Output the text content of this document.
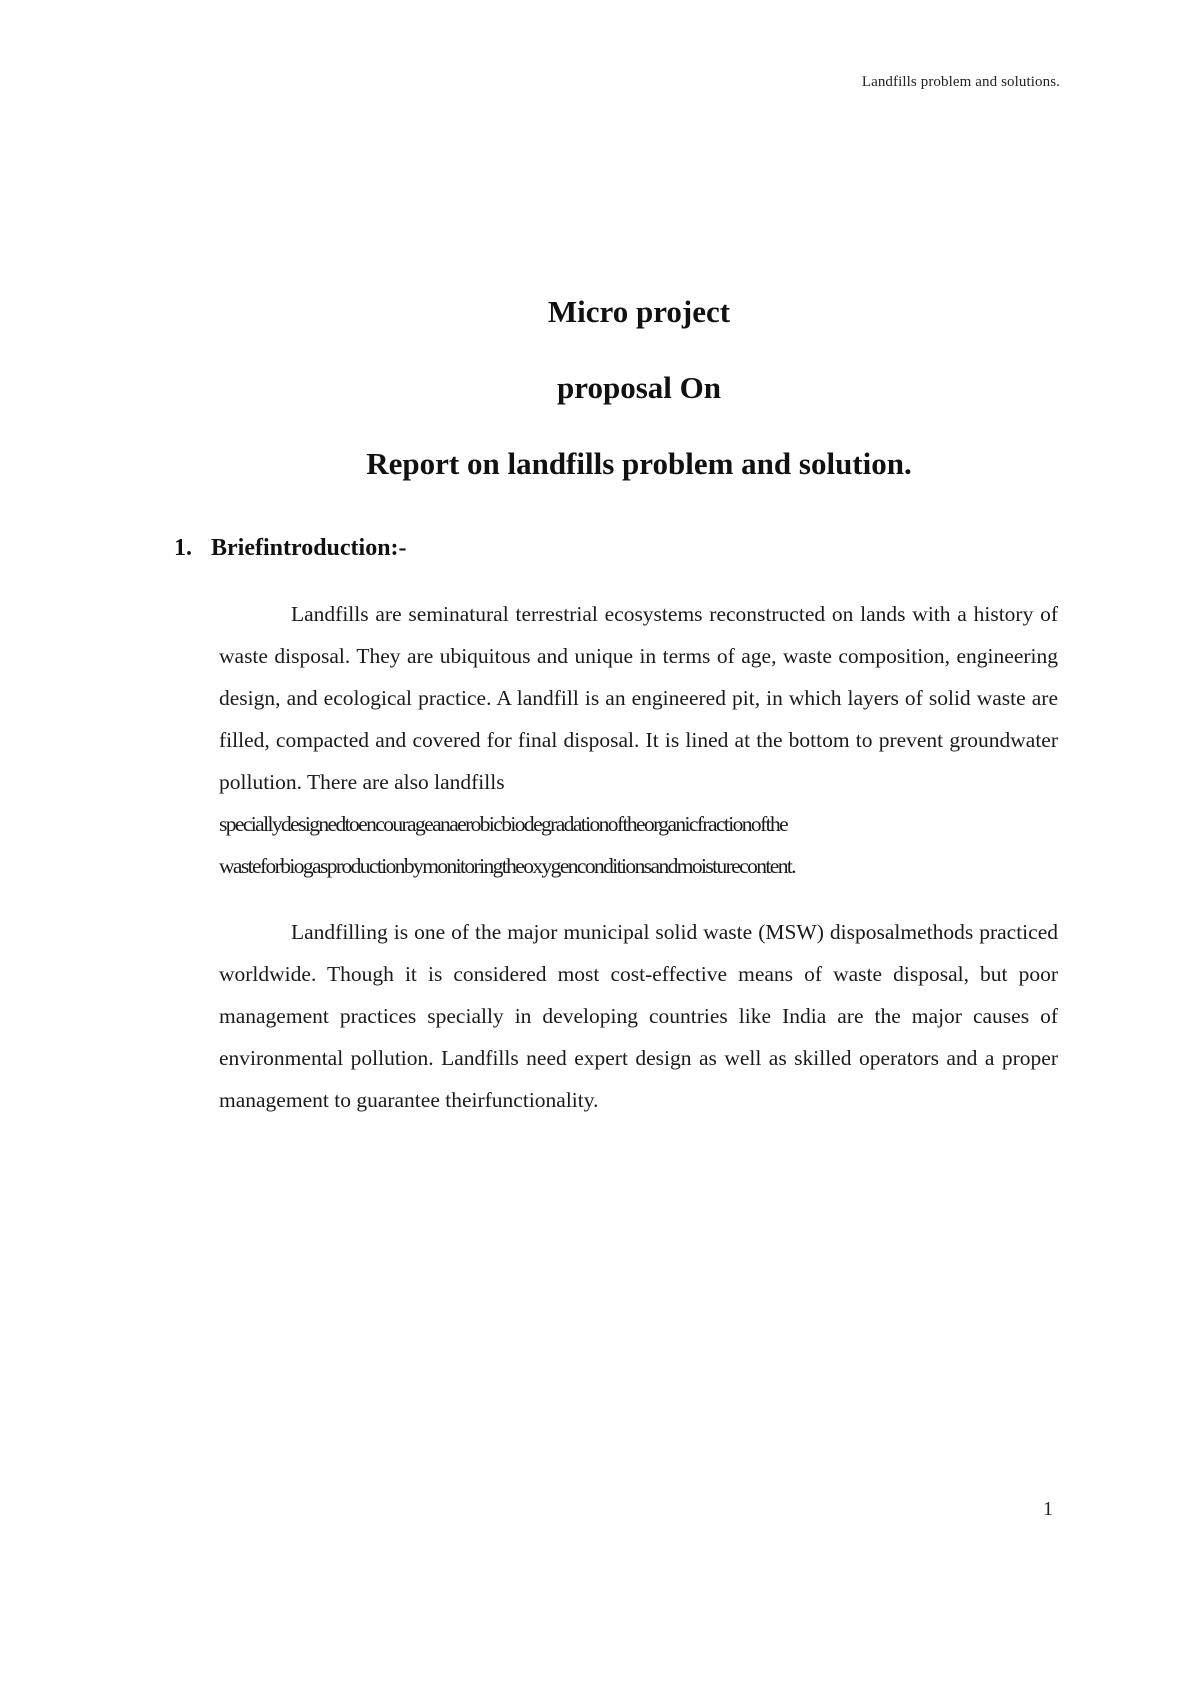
Landfills problem and solutions.
Micro project
proposal On
Report on landfills problem and solution.
1. Briefintroduction:-

Landfills are seminatural terrestrial ecosystems reconstructed on lands with a history of waste disposal. They are ubiquitous and unique in terms of age, waste composition, engineering design, and ecological practice. A landfill is an engineered pit, in which layers of solid waste are filled, compacted and covered for final disposal. It is lined at the bottom to prevent groundwater pollution. There are also landfills

speciallydesignedtoencourageanaerobicbiodegradationoftheorganicfractionofthe
wasteforbiogasproductionbymonitoringtheoxygenconditionsandmoisturecontent.

Landfilling is one of the major municipal solid waste (MSW) disposalmethods practiced worldwide. Though it is considered most cost-effective means of waste disposal, but poor management practices specially in developing countries like India are the major causes of environmental pollution. Landfills need expert design as well as skilled operators and a proper management to guarantee theirfunctionality.

1
